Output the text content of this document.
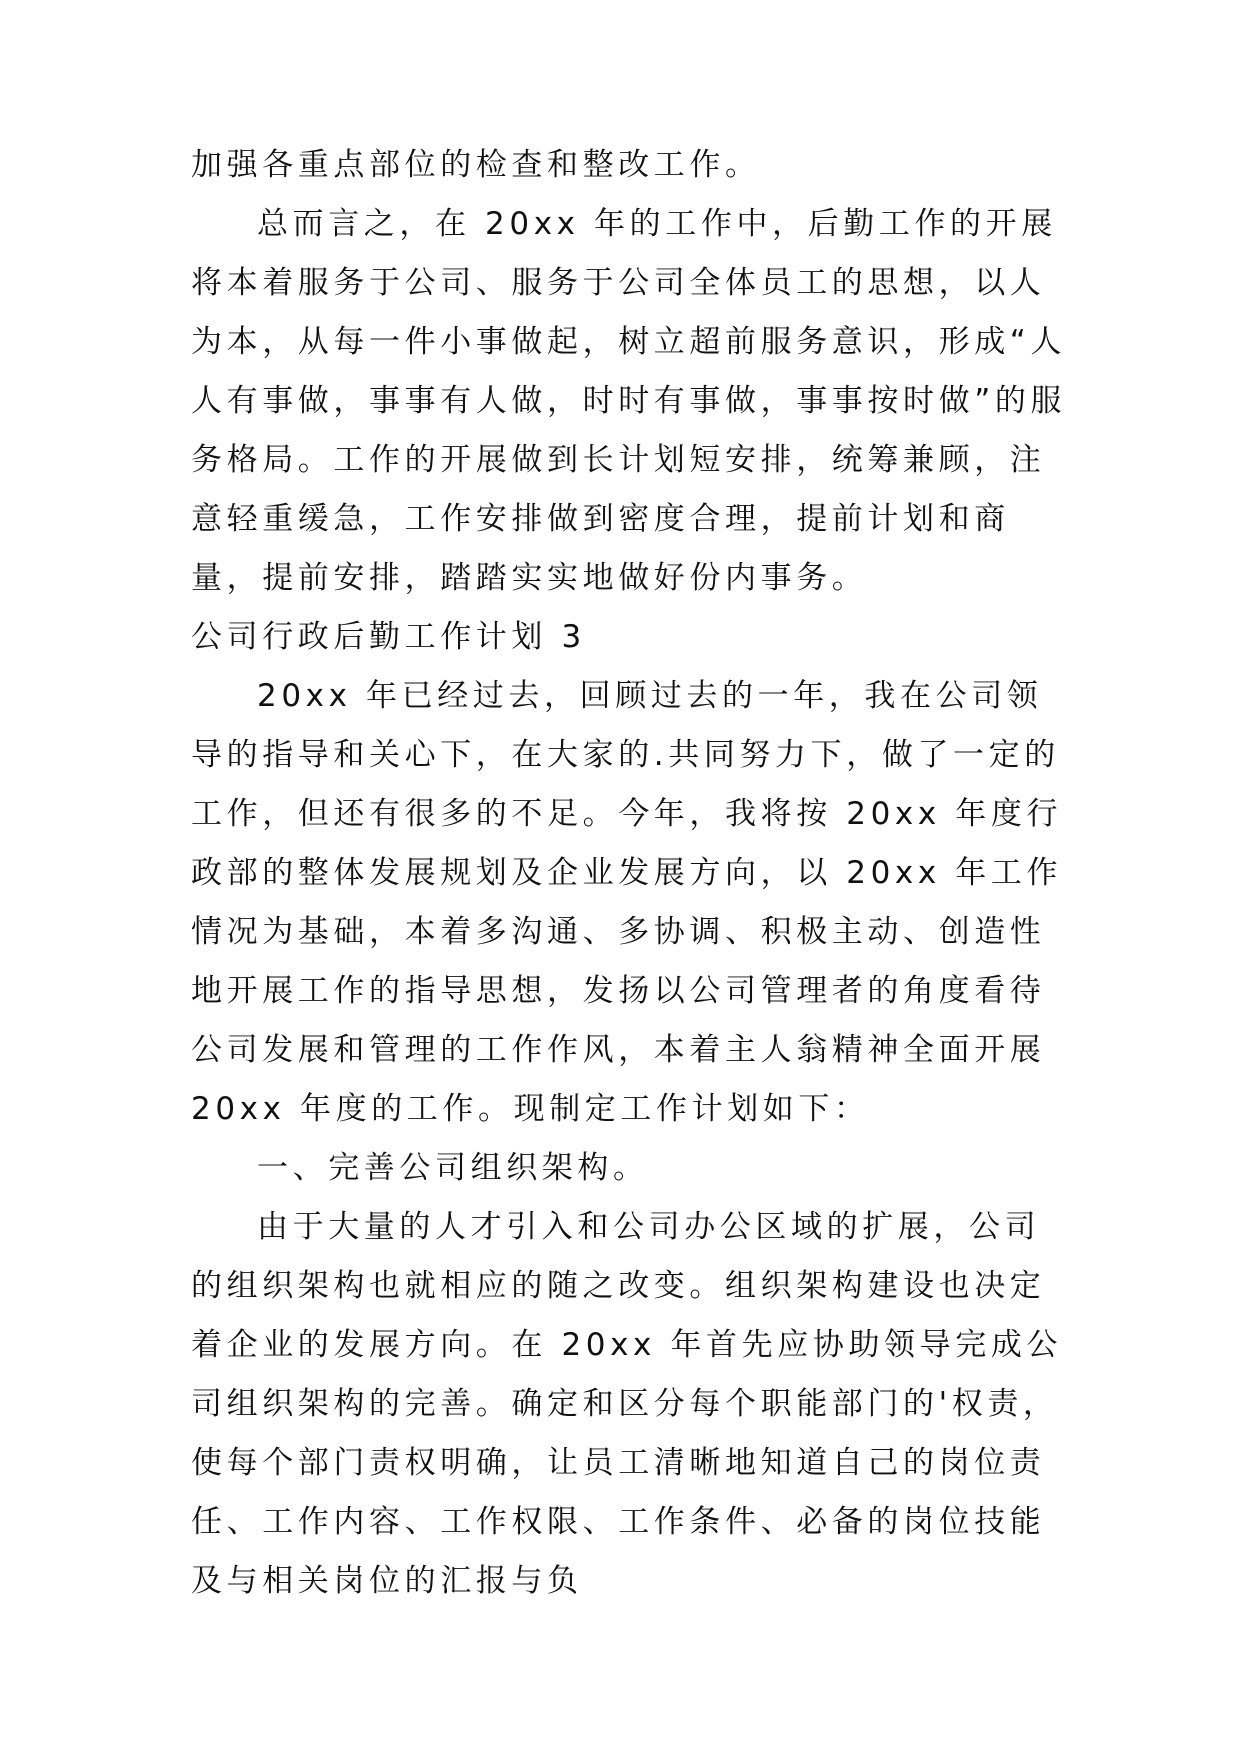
加强各重点部位的检查和整改工作。

总而言之，在 20xx 年的工作中，后勤工作的开展将本着服务于公司、服务于公司全体员工的思想，以人为本，从每一件小事做起，树立超前服务意识，形成“人人有事做，事事有人做，时时有事做，事事按时做”的服务格局。工作的开展做到长计划短安排，统筹兼顾，注意轻重缓急，工作安排做到密度合理，提前计划和商量，提前安排，踏踏实实地做好份内事务。

公司行政后勤工作计划 3

20xx 年已经过去，回顾过去的一年，我在公司领导的指导和关心下，在大家的.共同努力下，做了一定的工作，但还有很多的不足。今年，我将按 20xx 年度行政部的整体发展规划及企业发展方向，以 20xx 年工作情况为基础，本着多沟通、多协调、积极主动、创造性地开展工作的指导思想，发扬以公司管理者的角度看待公司发展和管理的工作作风，本着主人翁精神全面开展 20xx 年度的工作。现制定工作计划如下：

一、完善公司组织架构。

由于大量的人才引入和公司办公区域的扩展，公司的组织架构也就相应的随之改变。组织架构建设也决定着企业的发展方向。在 20xx 年首先应协助领导完成公司组织架构的完善。确定和区分每个职能部门的'权责，使每个部门责权明确，让员工清晰地知道自己的岗位责任、工作内容、工作权限、工作条件、必备的岗位技能及与相关岗位的汇报与负
